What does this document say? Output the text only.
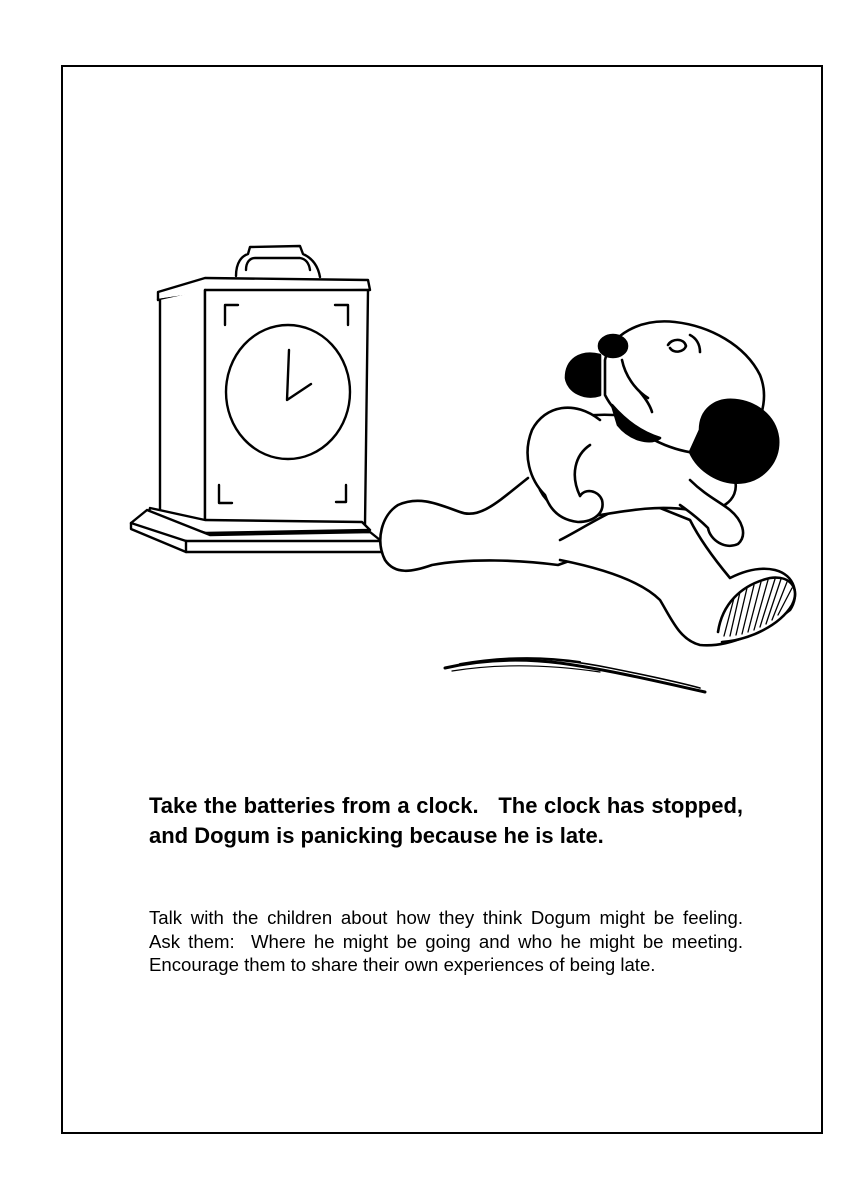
Take the batteries from a clock.   The clock has stopped, and Dogum is panicking because he is late.

Talk with the children about how they think Dogum might be feeling.  Ask them:  Where he might be going and who he might be meeting.  Encourage them to share their own experiences of being late.
